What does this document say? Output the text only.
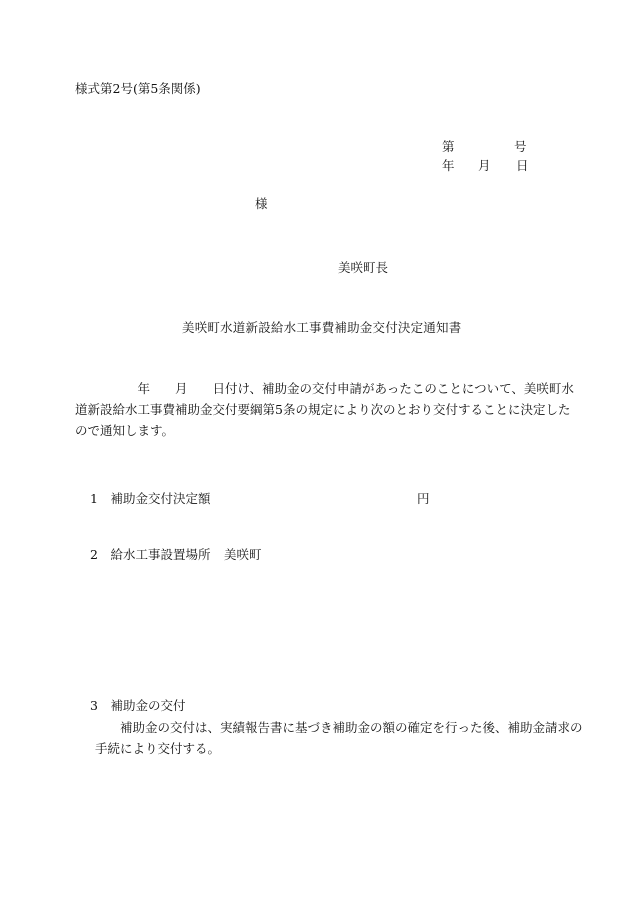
様式第2号(第5条関係)
第	号
年 月 日
様
美咲町長
美咲町水道新設給水工事費補助金交付決定通知書
　　　　　年　　月　　日付け、補助金の交付申請があったこのことについて、美咲町水
道新設給水工事費補助金交付要綱第5条の規定により次のとおり交付することに決定した
ので通知します。
1　補助金交付決定額	円
2　給水工事設置場所 美咲町
3　補助金の交付
　　補助金の交付は、実績報告書に基づき補助金の額の確定を行った後、補助金請求の
手続により交付する。
